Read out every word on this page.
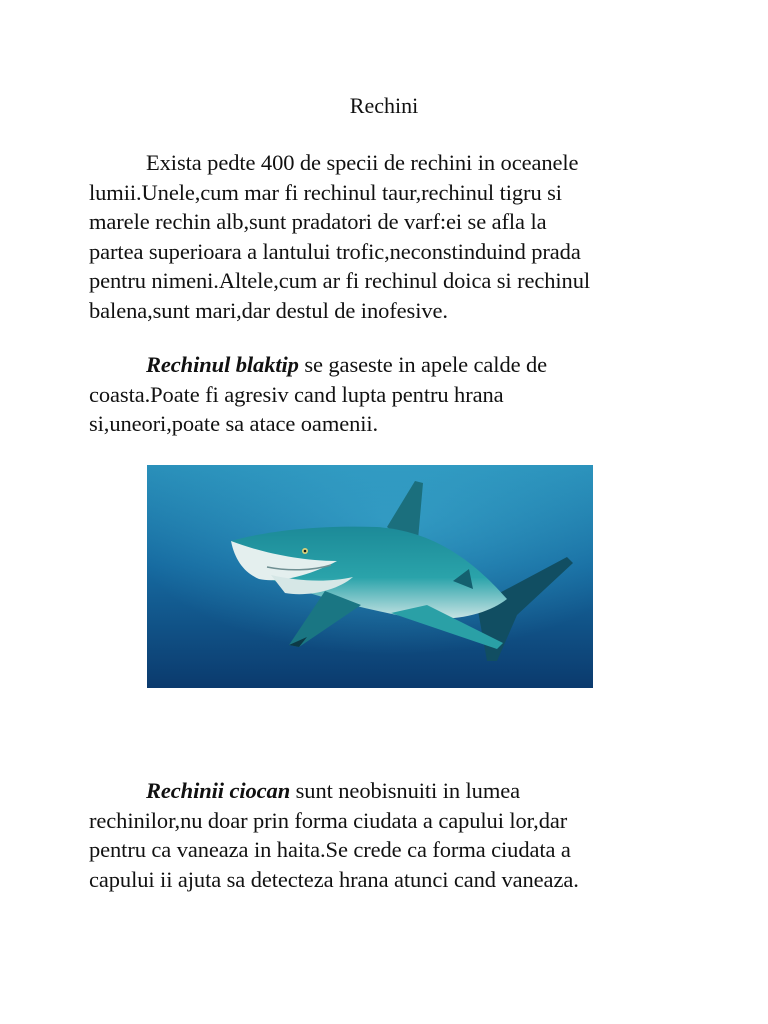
Rechini
Exista pedte 400 de specii de rechini in oceanele
lumii.Unele,cum mar fi rechinul taur,rechinul tigru si
marele rechin alb,sunt pradatori de varf:ei se afla la
partea superioara a lantului trofic,neconstinduind prada
pentru nimeni.Altele,cum ar fi rechinul doica si rechinul
balena,sunt mari,dar destul de inofesive.
Rechinul blaktip se gaseste in apele calde de
coasta.Poate fi agresiv cand lupta pentru hrana
si,uneori,poate sa atace oamenii.
Rechinii ciocan sunt neobisnuiti in lumea
rechinilor,nu doar prin forma ciudata a capului lor,dar
pentru ca vaneaza in haita.Se crede ca forma ciudata a
capului ii ajuta sa detecteza hrana atunci cand vaneaza.
